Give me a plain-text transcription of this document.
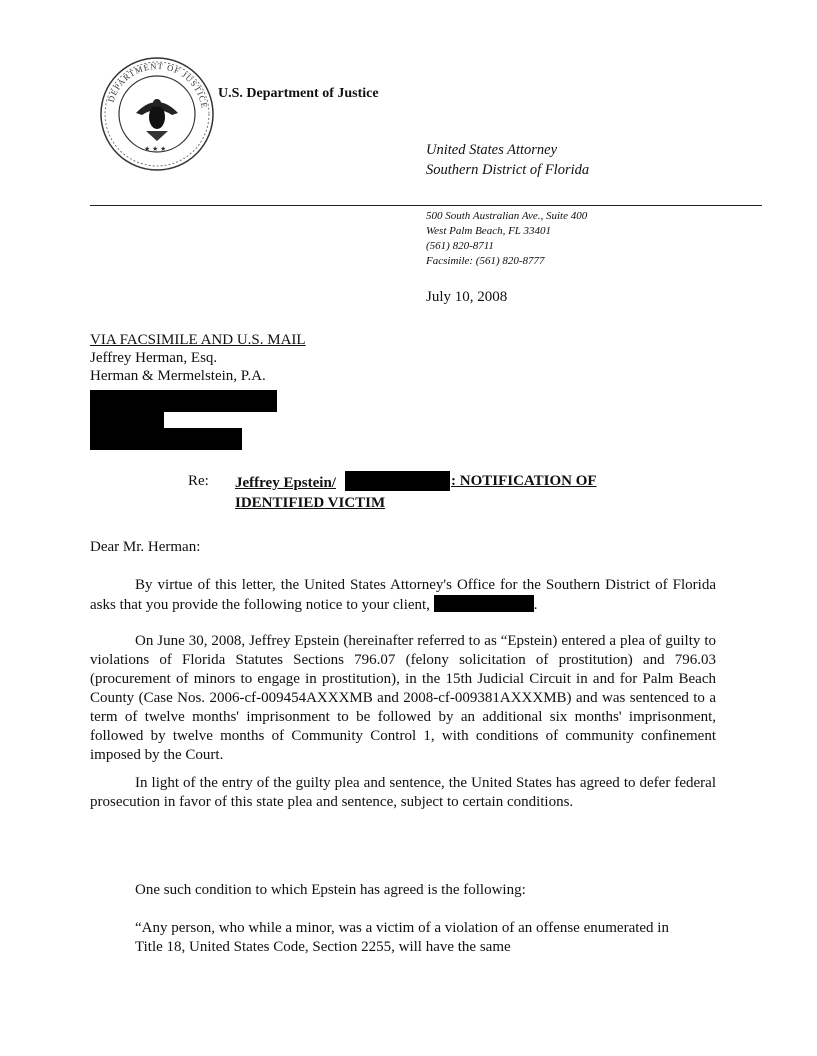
★ ★ ★
DEPARTMENT OF JUSTICE
U.S. Department of Justice
United States Attorney
Southern District of Florida
500 South Australian Ave., Suite 400
West Palm Beach, FL 33401
(561) 820-8711
Facsimile: (561) 820-8777
July 10, 2008
VIA FACSIMILE AND U.S. MAIL
Jeffrey Herman, Esq.
Herman & Mermelstein, P.A.
Re: Jeffrey Epstein/
IDENTIFIED VICTIM
: NOTIFICATION OF
Dear Mr. Herman:
By virtue of this letter, the United States Attorney's Office for the Southern District of Florida asks that you provide the following notice to your client,	.
On June 30, 2008, Jeffrey Epstein (hereinafter referred to as “Epstein) entered a plea of guilty to violations of Florida Statutes Sections 796.07 (felony solicitation of prostitution) and 796.03 (procurement of minors to engage in prostitution), in the 15th Judicial Circuit in and for Palm Beach County (Case Nos. 2006-cf-009454AXXXMB and 2008-cf-009381AXXXMB) and was sentenced to a term of twelve months' imprisonment to be followed by an additional six months' imprisonment, followed by twelve months of Community Control 1, with conditions of community confinement imposed by the Court.
In light of the entry of the guilty plea and sentence, the United States has agreed to defer federal prosecution in favor of this state plea and sentence, subject to certain conditions.
One such condition to which Epstein has agreed is the following:
“Any person, who while a minor, was a victim of a violation of an offense enumerated in Title 18, United States Code, Section 2255, will have the same
